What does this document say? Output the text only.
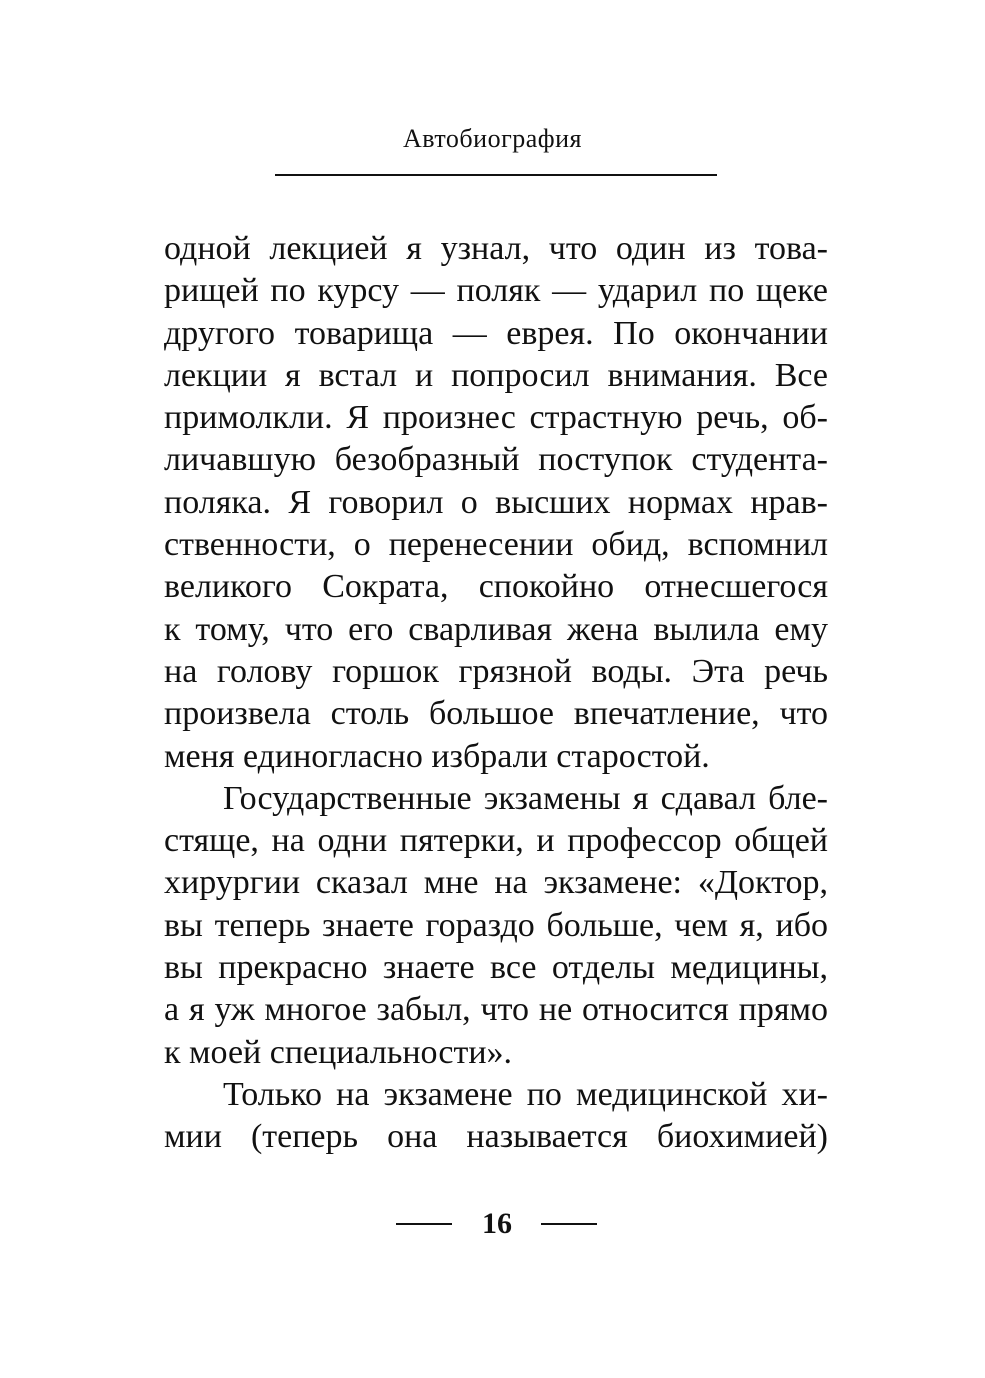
Автобиография
одной лекцией я узнал, что один из това-
рищей по курсу — поляк — ударил по щеке
другого товарища — еврея. По окончании
лекции я встал и попросил внимания. Все
примолкли. Я произнес страстную речь, об-
личавшую безобразный поступок студента-
поляка. Я говорил о высших нормах нрав-
ственности, о перенесении обид, вспомнил
великого Сократа, спокойно отнесшегося
к тому, что его сварливая жена вылила ему
на голову горшок грязной воды. Эта речь
произвела столь большое впечатление, что
меня единогласно избрали старостой.
Государственные экзамены я сдавал бле-
стяще, на одни пятерки, и профессор общей
хирургии сказал мне на экзамене: «Доктор,
вы теперь знаете гораздо больше, чем я, ибо
вы прекрасно знаете все отделы медицины,
а я уж многое забыл, что не относится прямо
к моей специальности».
Только на экзамене по медицинской хи-
мии (теперь она называется биохимией)
16
